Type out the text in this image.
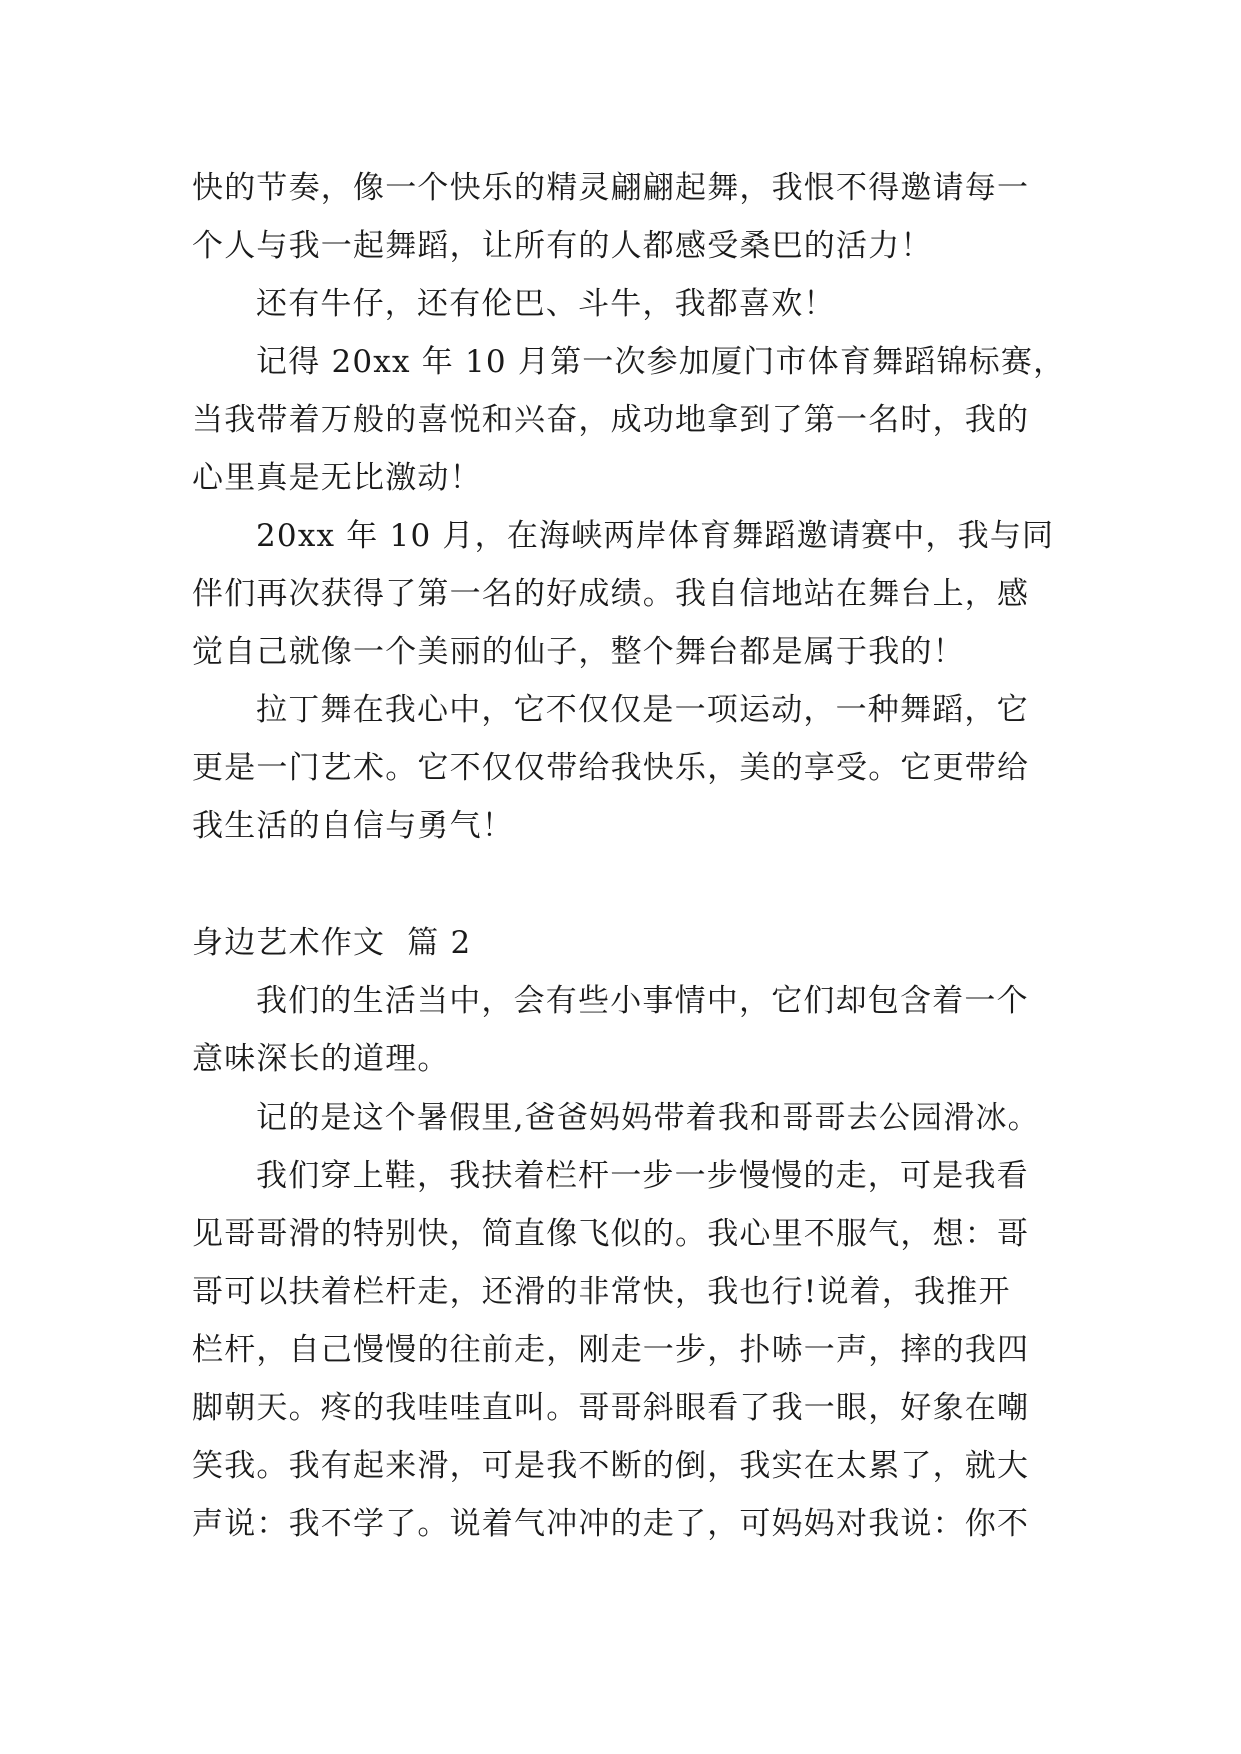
快的节奏，像一个快乐的精灵翩翩起舞，我恨不得邀请每一
个人与我一起舞蹈，让所有的人都感受桑巴的活力！
还有牛仔，还有伦巴、斗牛，我都喜欢！
记得 20xx 年 10 月第一次参加厦门市体育舞蹈锦标赛，
当我带着万般的喜悦和兴奋，成功地拿到了第一名时，我的
心里真是无比激动！
20xx 年 10 月，在海峡两岸体育舞蹈邀请赛中，我与同
伴们再次获得了第一名的好成绩。我自信地站在舞台上，感
觉自己就像一个美丽的仙子，整个舞台都是属于我的！
拉丁舞在我心中，它不仅仅是一项运动，一种舞蹈，它
更是一门艺术。它不仅仅带给我快乐，美的享受。它更带给
我生活的自信与勇气！
身边艺术作文  篇 2
我们的生活当中，会有些小事情中，它们却包含着一个
意味深长的道理。
记的是这个暑假里,爸爸妈妈带着我和哥哥去公园滑冰。
我们穿上鞋，我扶着栏杆一步一步慢慢的走，可是我看
见哥哥滑的特别快，简直像飞似的。我心里不服气，想：哥
哥可以扶着栏杆走，还滑的非常快，我也行!说着，我推开
栏杆，自己慢慢的往前走，刚走一步，扑哧一声，摔的我四
脚朝天。疼的我哇哇直叫。哥哥斜眼看了我一眼，好象在嘲
笑我。我有起来滑，可是我不断的倒，我实在太累了，就大
声说：我不学了。说着气冲冲的走了，可妈妈对我说：你不
